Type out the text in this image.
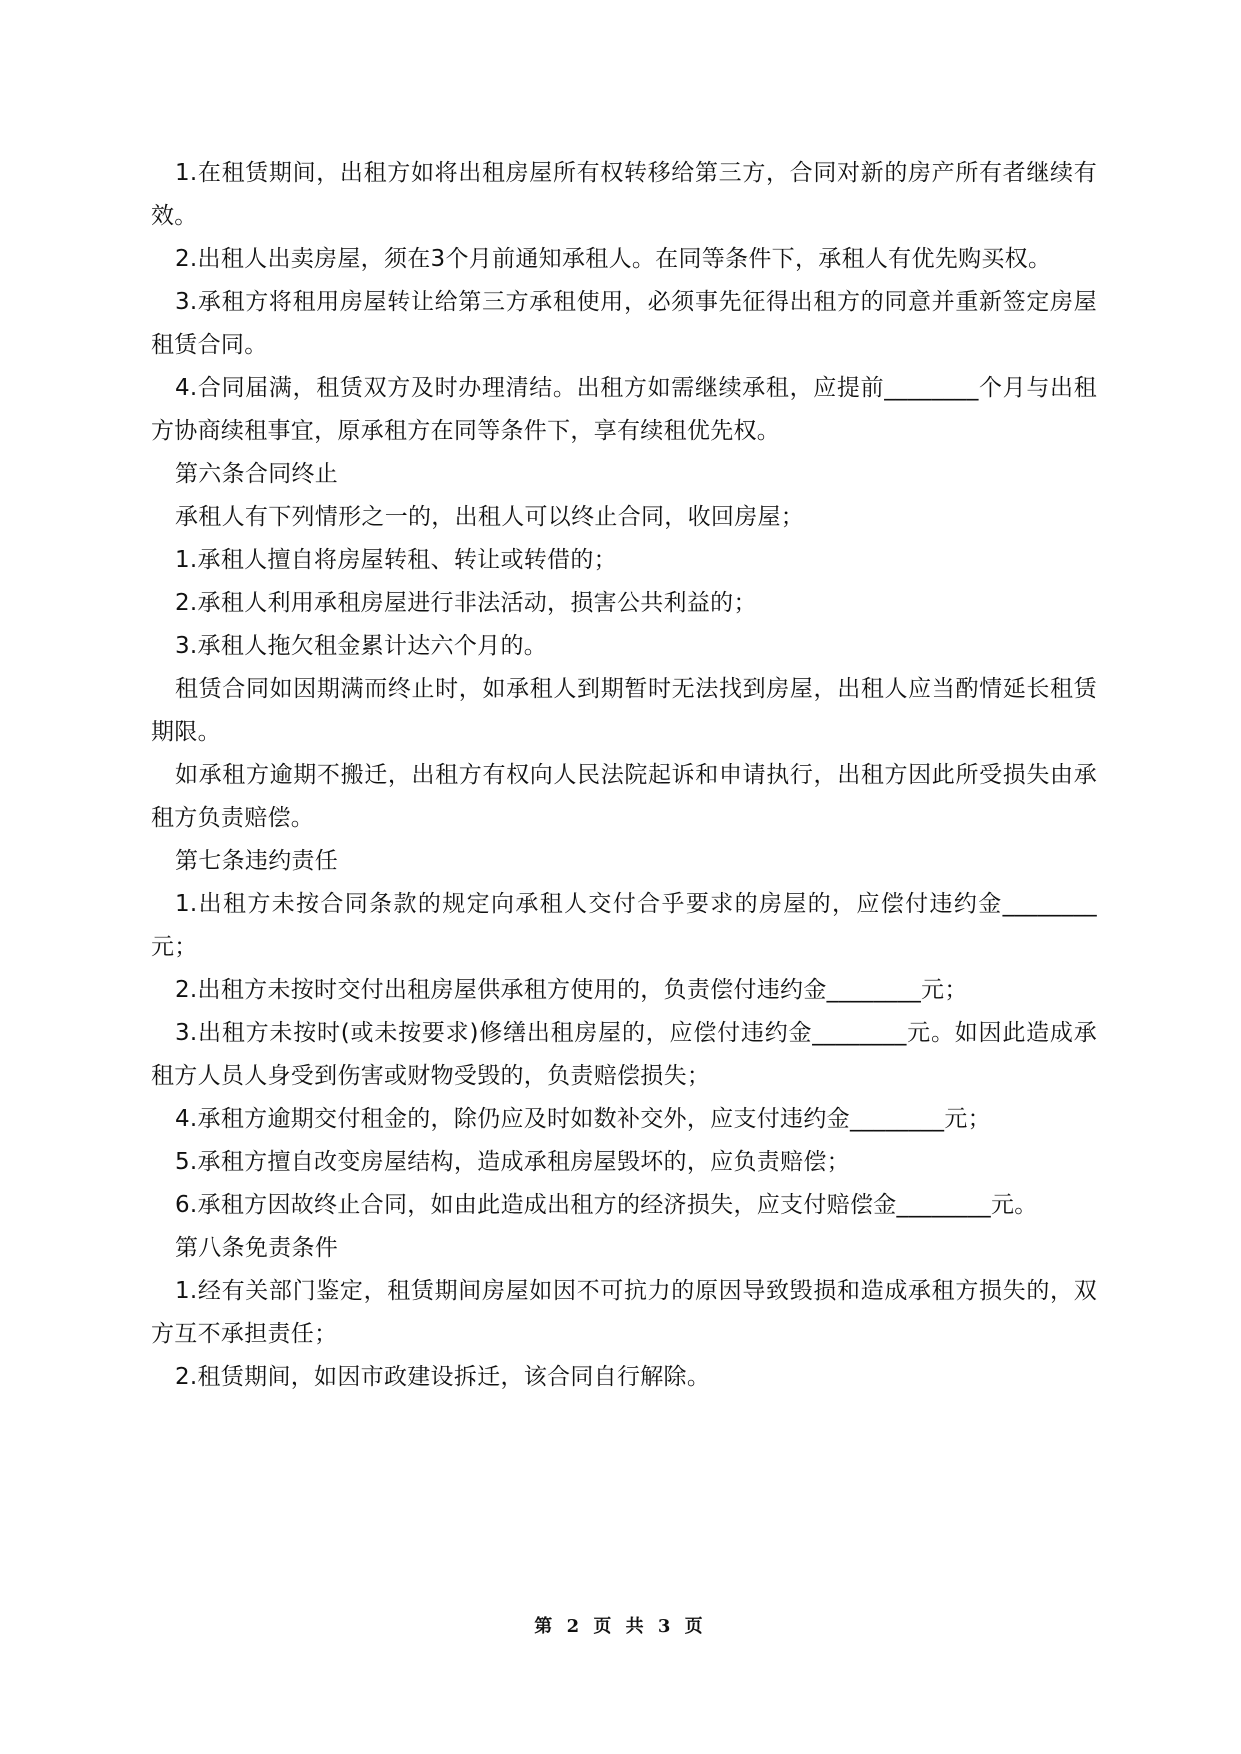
1.在租赁期间，出租方如将出租房屋所有权转移给第三方，合同对新的房产所有者继续有效。

2.出租人出卖房屋，须在3个月前通知承租人。在同等条件下，承租人有优先购买权。

3.承租方将租用房屋转让给第三方承租使用，必须事先征得出租方的同意并重新签定房屋租赁合同。

4.合同届满，租赁双方及时办理清结。出租方如需继续承租，应提前________个月与出租方协商续租事宜，原承租方在同等条件下，享有续租优先权。

第六条合同终止

承租人有下列情形之一的，出租人可以终止合同，收回房屋；

1.承租人擅自将房屋转租、转让或转借的；

2.承租人利用承租房屋进行非法活动，损害公共利益的；

3.承租人拖欠租金累计达六个月的。

租赁合同如因期满而终止时，如承租人到期暂时无法找到房屋，出租人应当酌情延长租赁期限。

如承租方逾期不搬迁，出租方有权向人民法院起诉和申请执行，出租方因此所受损失由承租方负责赔偿。

第七条违约责任

1.出租方未按合同条款的规定向承租人交付合乎要求的房屋的，应偿付违约金________元；

2.出租方未按时交付出租房屋供承租方使用的，负责偿付违约金________元；

3.出租方未按时(或未按要求)修缮出租房屋的，应偿付违约金________元。如因此造成承租方人员人身受到伤害或财物受毁的，负责赔偿损失；

4.承租方逾期交付租金的，除仍应及时如数补交外，应支付违约金________元；

5.承租方擅自改变房屋结构，造成承租房屋毁坏的，应负责赔偿；

6.承租方因故终止合同，如由此造成出租方的经济损失，应支付赔偿金________元。

第八条免责条件

1.经有关部门鉴定，租赁期间房屋如因不可抗力的原因导致毁损和造成承租方损失的，双方互不承担责任；

2.租赁期间，如因市政建设拆迁，该合同自行解除。

第 2 页 共 3 页
